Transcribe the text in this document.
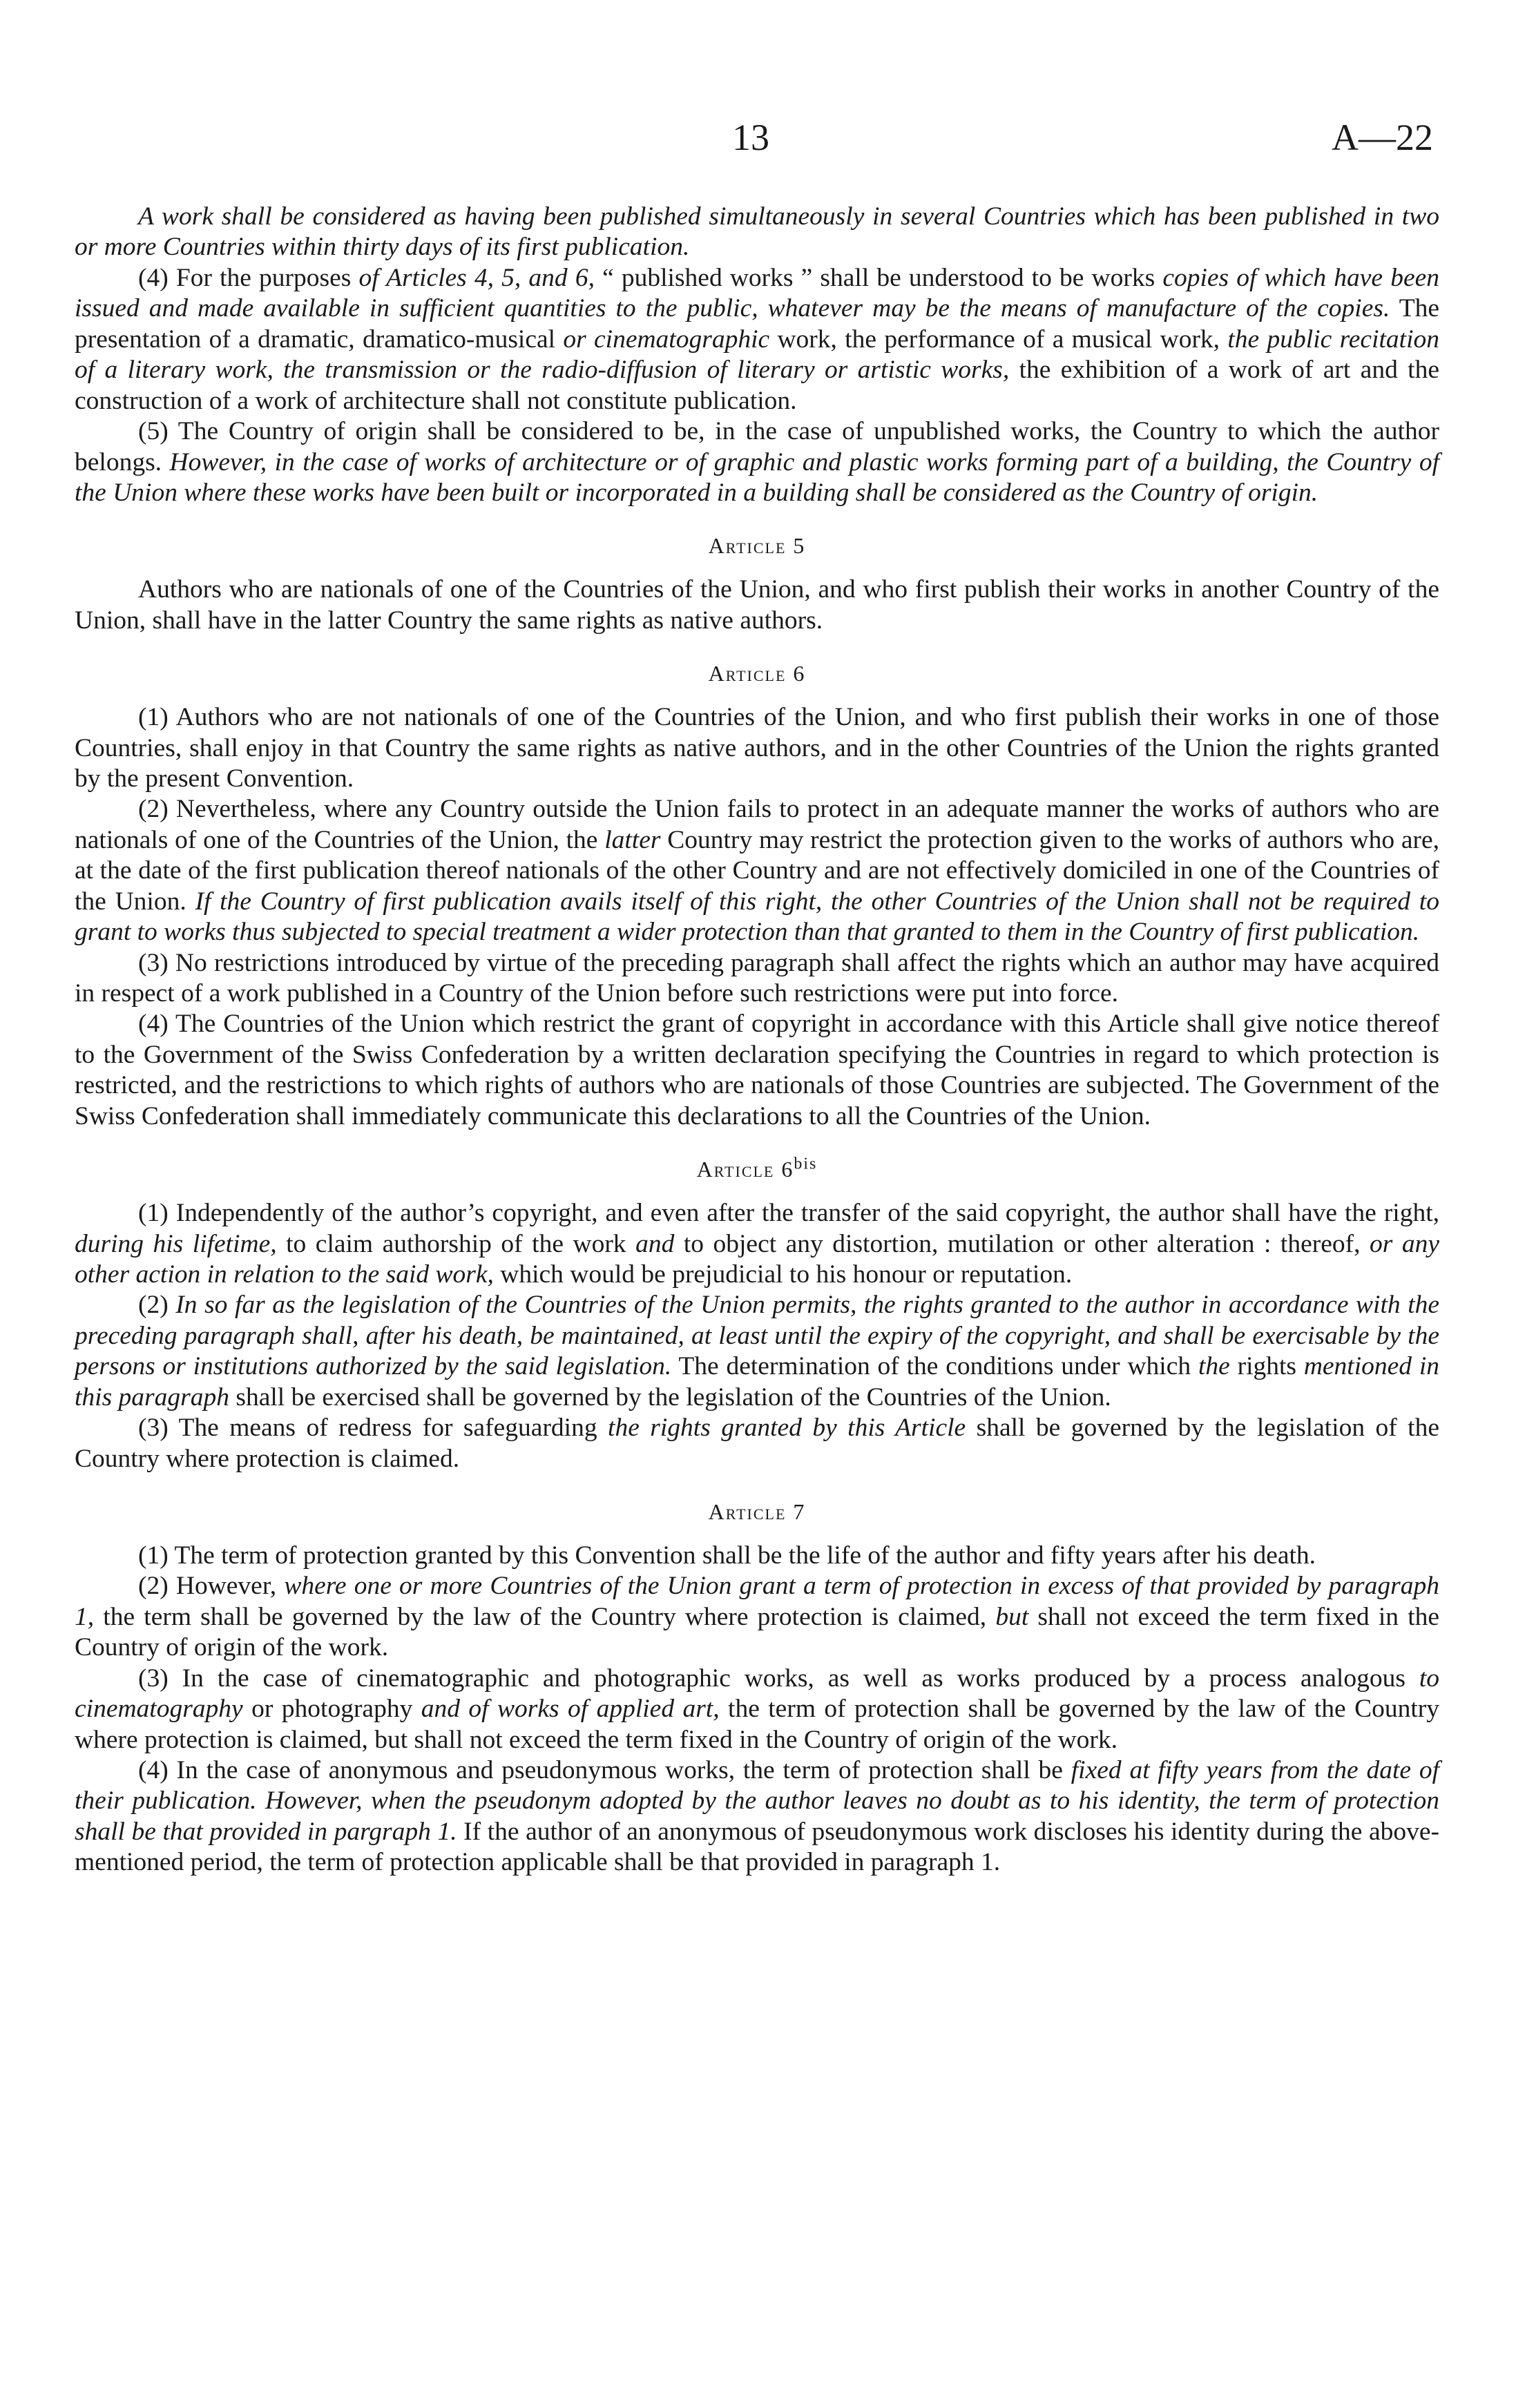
13	A—22

A work shall be considered as having been published simultaneously in several Countries which has been published in two or more Countries within thirty days of its first publication.

(4) For the purposes of Articles 4, 5, and 6, “ published works ” shall be understood to be works copies of which have been issued and made available in sufficient quantities to the public, whatever may be the means of manufacture of the copies. The presentation of a dramatic, dramatico-musical or cinematographic work, the performance of a musical work, the public recitation of a literary work, the transmission or the radio-diffusion of literary or artistic works, the exhibition of a work of art and the construction of a work of architecture shall not constitute publication.

(5) The Country of origin shall be considered to be, in the case of unpublished works, the Country to which the author belongs. However, in the case of works of architecture or of graphic and plastic works forming part of a building, the Country of the Union where these works have been built or incorporated in a building shall be considered as the Country of origin.

Article 5

Authors who are nationals of one of the Countries of the Union, and who first publish their works in another Country of the Union, shall have in the latter Country the same rights as native authors.

Article 6

(1) Authors who are not nationals of one of the Countries of the Union, and who first publish their works in one of those Countries, shall enjoy in that Country the same rights as native authors, and in the other Countries of the Union the rights granted by the present Convention.

(2) Nevertheless, where any Country outside the Union fails to protect in an adequate manner the works of authors who are nationals of one of the Countries of the Union, the latter Country may restrict the protection given to the works of authors who are, at the date of the first publication thereof nationals of the other Country and are not effectively domiciled in one of the Countries of the Union. If the Country of first publication avails itself of this right, the other Countries of the Union shall not be required to grant to works thus subjected to special treatment a wider protection than that granted to them in the Country of first publication.

(3) No restrictions introduced by virtue of the preceding paragraph shall affect the rights which an author may have acquired in respect of a work published in a Country of the Union before such restrictions were put into force.

(4) The Countries of the Union which restrict the grant of copyright in accordance with this Article shall give notice thereof to the Government of the Swiss Confederation by a written declaration specifying the Countries in regard to which protection is restricted, and the restrictions to which rights of authors who are nationals of those Countries are subjected. The Government of the Swiss Confederation shall immediately communicate this declarations to all the Countries of the Union.

Article $6^{bis}$

(1) Independently of the author’s copyright, and even after the transfer of the said copyright, the author shall have the right, during his lifetime, to claim authorship of the work and to object any distortion, mutilation or other alteration : thereof, or any other action in relation to the said work, which would be prejudicial to his honour or reputation.

(2) In so far as the legislation of the Countries of the Union permits, the rights granted to the author in accordance with the preceding paragraph shall, after his death, be maintained, at least until the expiry of the copyright, and shall be exercisable by the persons or institutions authorized by the said legislation. The determination of the conditions under which the rights mentioned in this paragraph shall be exercised shall be governed by the legislation of the Countries of the Union.

(3) The means of redress for safeguarding the rights granted by this Article shall be governed by the legislation of the Country where protection is claimed.

Article 7

(1) The term of protection granted by this Convention shall be the life of the author and fifty years after his death.

(2) However, where one or more Countries of the Union grant a term of protection in excess of that provided by paragraph 1, the term shall be governed by the law of the Country where protection is claimed, but shall not exceed the term fixed in the Country of origin of the work.

(3) In the case of cinematographic and photographic works, as well as works produced by a process analogous to cinematography or photography and of works of applied art, the term of protection shall be governed by the law of the Country where protection is claimed, but shall not exceed the term fixed in the Country of origin of the work.

(4) In the case of anonymous and pseudonymous works, the term of protection shall be fixed at fifty years from the date of their publication. However, when the pseudonym adopted by the author leaves no doubt as to his identity, the term of protection shall be that provided in pargraph 1. If the author of an anonymous of pseudonymous work discloses his identity during the above-mentioned period, the term of protection applicable shall be that provided in paragraph 1.
